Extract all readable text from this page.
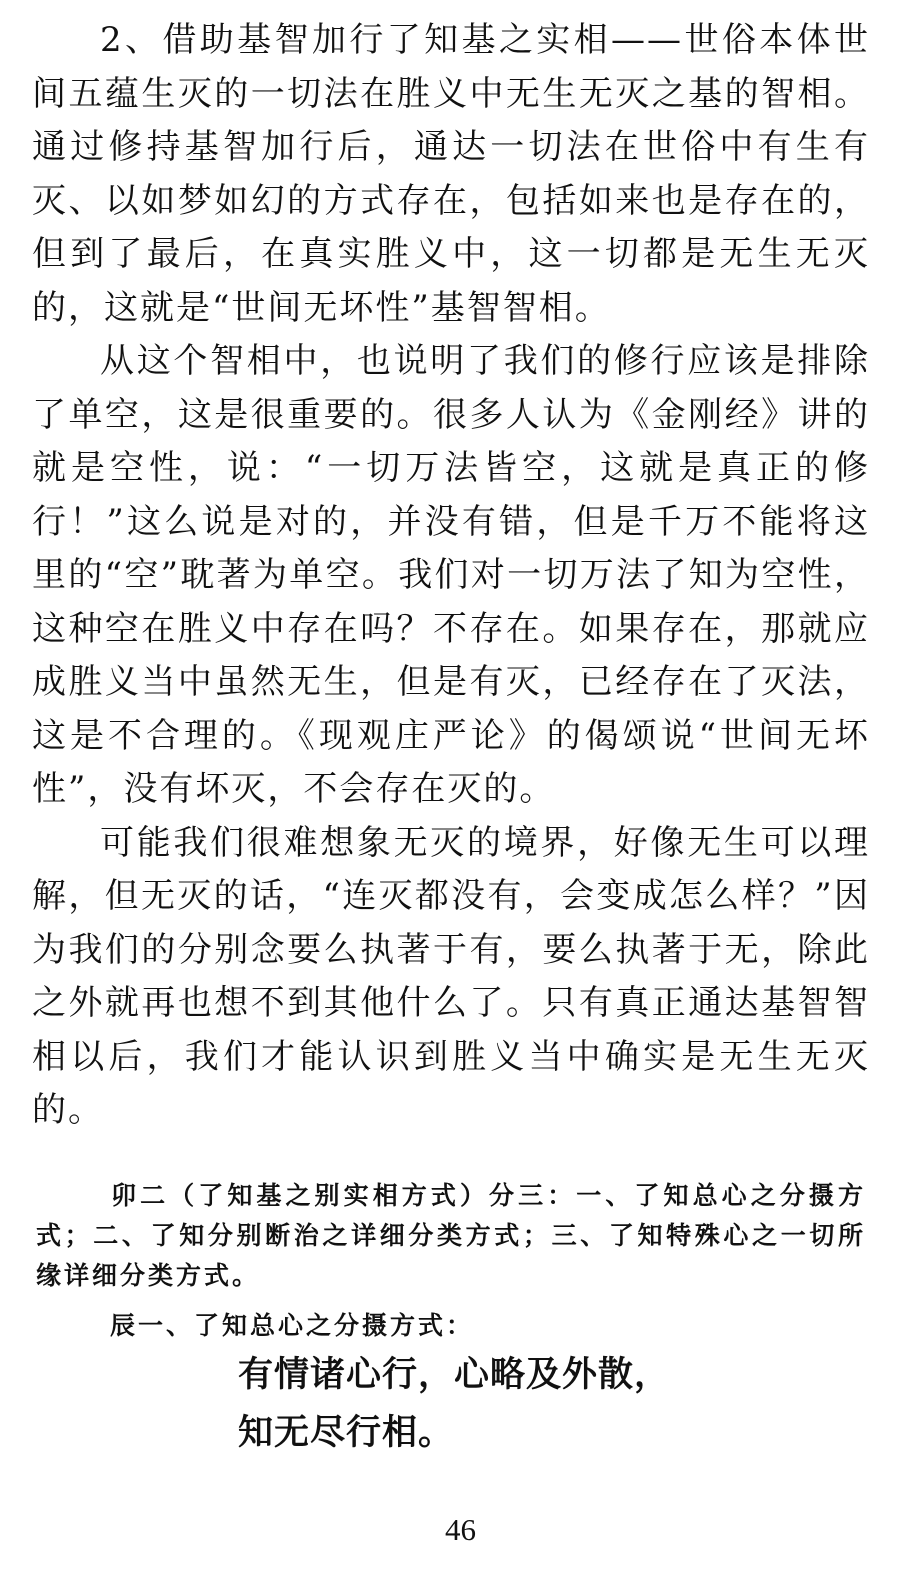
2、借助基智加行了知基之实相——世俗本体世间五蕴生灭的一切法在胜义中无生无灭之基的智相。通过修持基智加行后，通达一切法在世俗中有生有灭、以如梦如幻的方式存在，包括如来也是存在的，但到了最后，在真实胜义中，这一切都是无生无灭的，这就是“世间无坏性”基智智相。

从这个智相中，也说明了我们的修行应该是排除了单空，这是很重要的。很多人认为《金刚经》讲的就是空性，说：“一切万法皆空，这就是真正的修行！”这么说是对的，并没有错，但是千万不能将这里的“空”耽著为单空。我们对一切万法了知为空性，这种空在胜义中存在吗？不存在。如果存在，那就应成胜义当中虽然无生，但是有灭，已经存在了灭法，这是不合理的。《现观庄严论》的偈颂说“世间无坏性”，没有坏灭，不会存在灭的。

可能我们很难想象无灭的境界，好像无生可以理解，但无灭的话，“连灭都没有，会变成怎么样？”因为我们的分别念要么执著于有，要么执著于无，除此之外就再也想不到其他什么了。只有真正通达基智智相以后，我们才能认识到胜义当中确实是无生无灭的。

卯二（了知基之别实相方式）分三：一、了知总心之分摄方式；二、了知分别断治之详细分类方式；三、了知特殊心之一切所缘详细分类方式。

辰一、了知总心之分摄方式：

有情诸心行，心略及外散，
知无尽行相。
46
